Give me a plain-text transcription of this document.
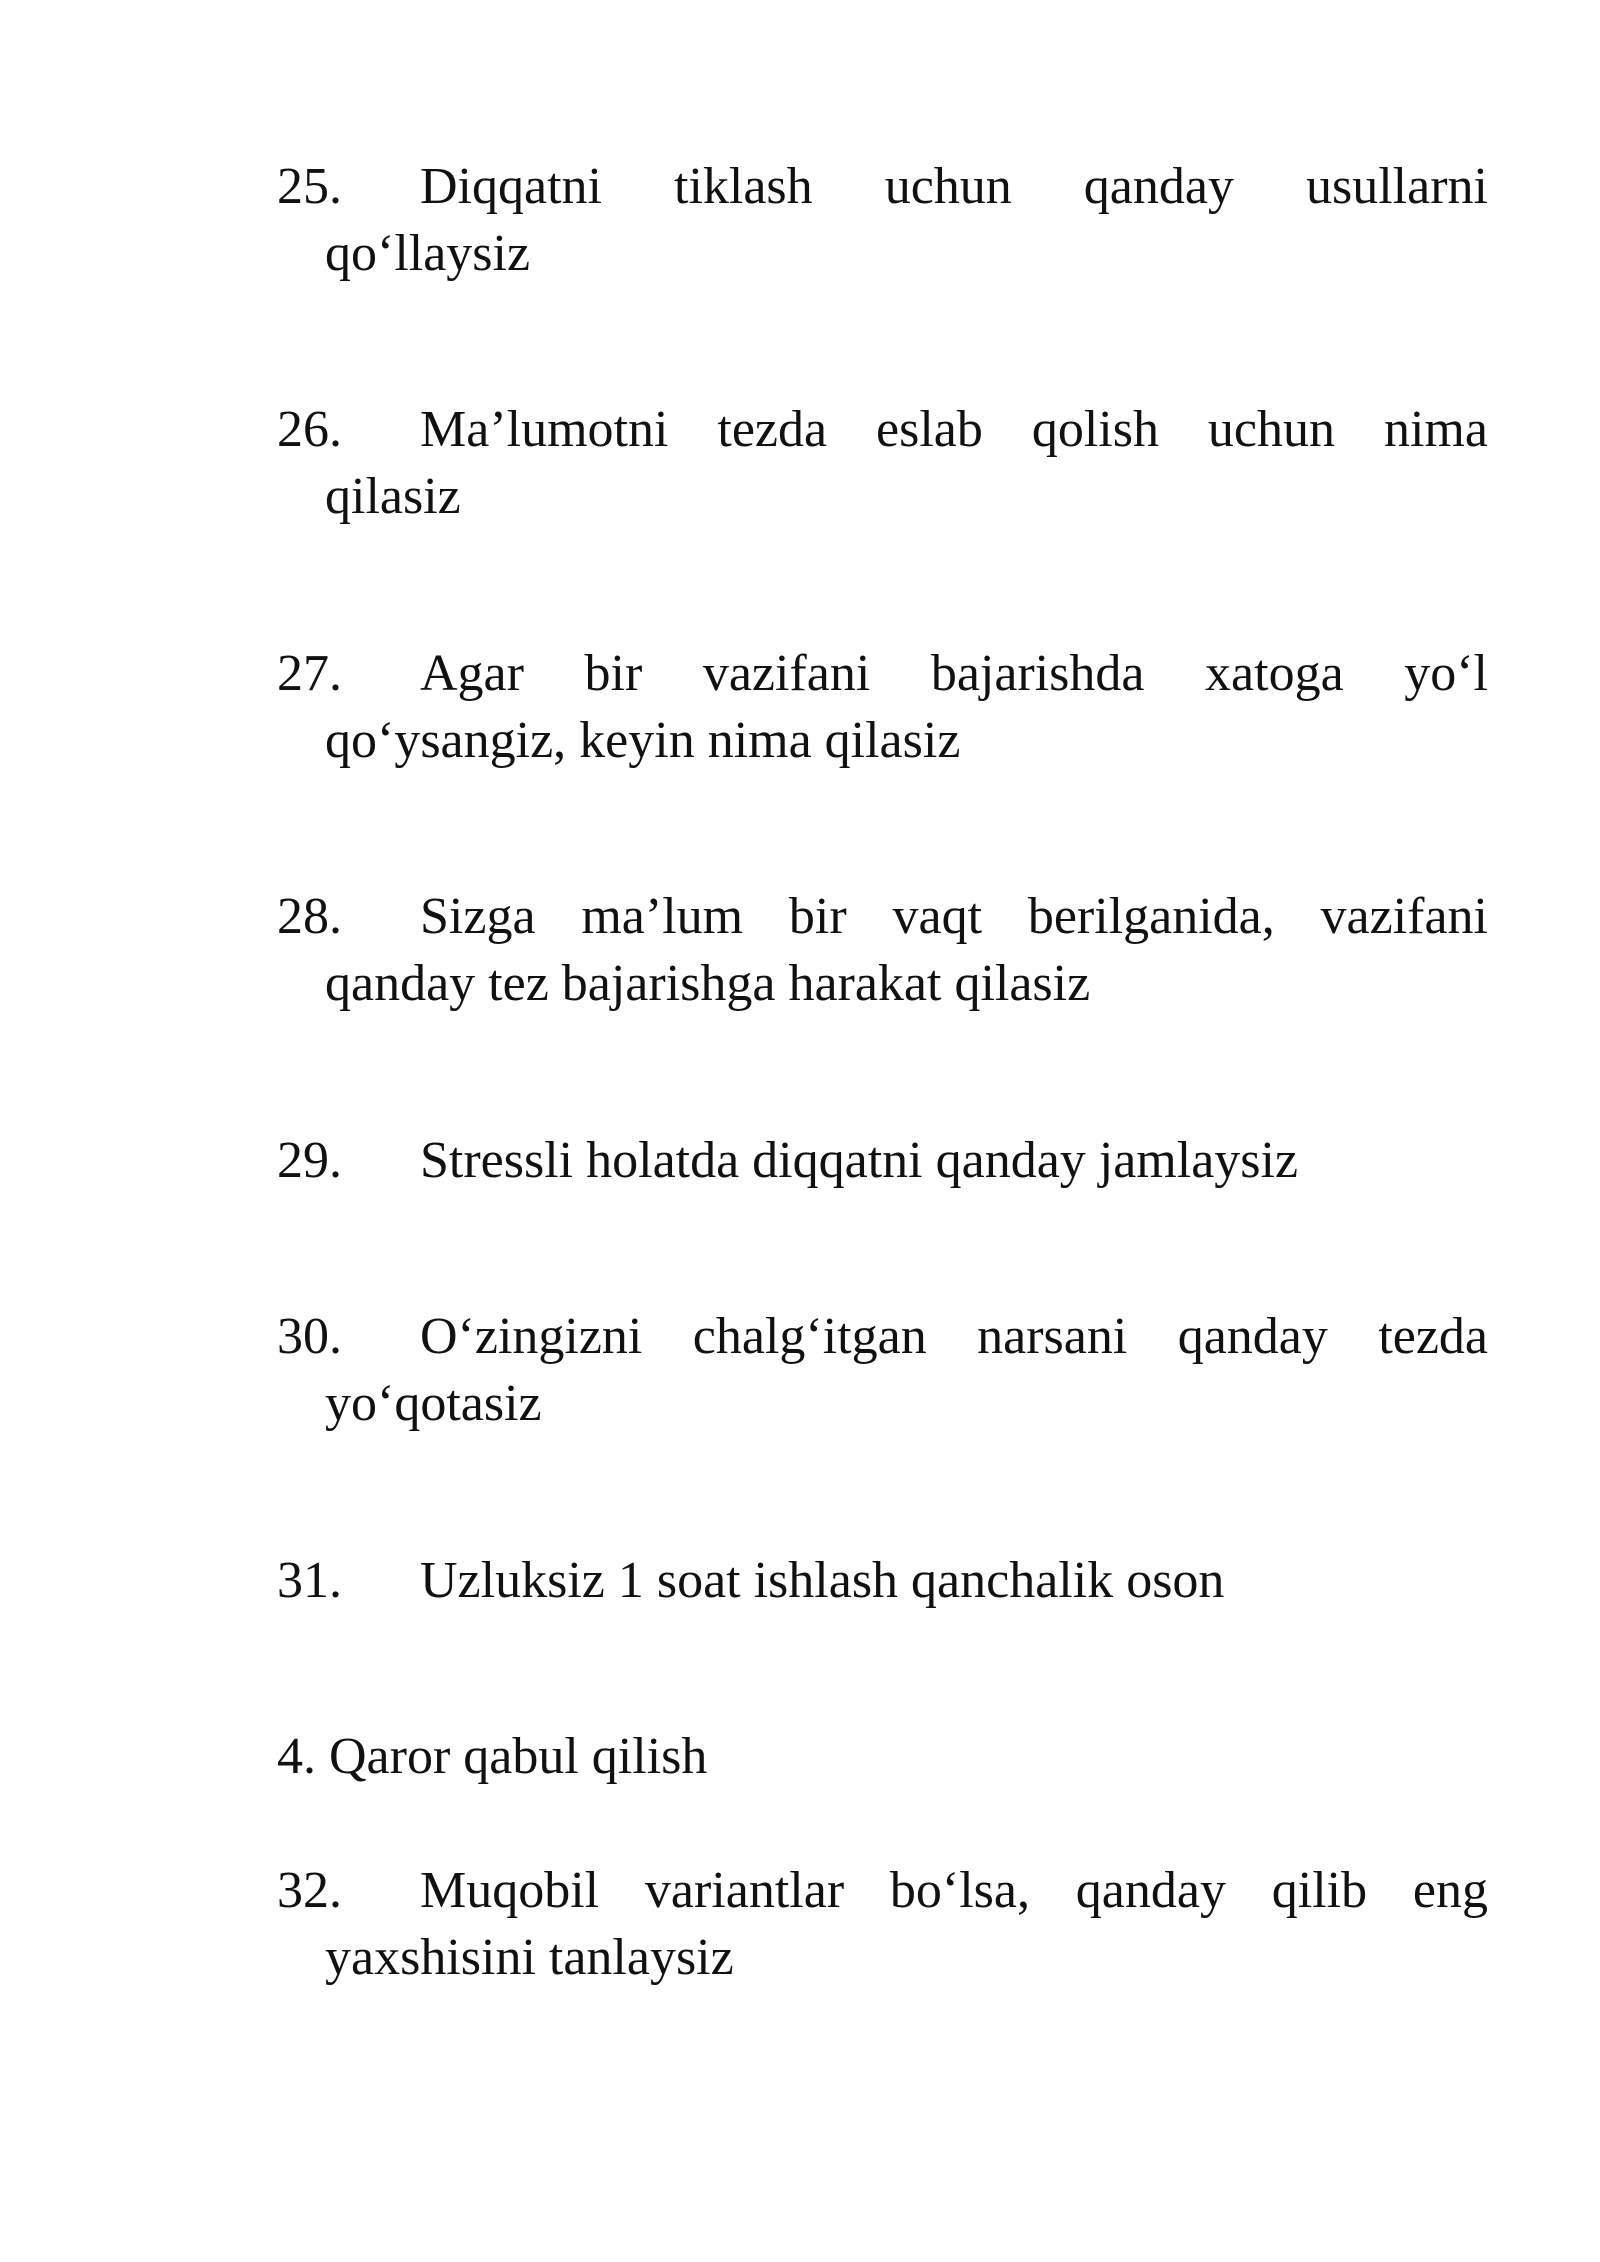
25.	Diqqatni tiklash uchun qanday usullarni
qo‘llaysiz
26.	Ma’lumotni tezda eslab qolish uchun nima
qilasiz
27.	Agar bir vazifani bajarishda xatoga yo‘l
qo‘ysangiz, keyin nima qilasiz
28.	Sizga ma’lum bir vaqt berilganida, vazifani
qanday tez bajarishga harakat qilasiz
29. Stressli holatda diqqatni qanday jamlaysiz
30.	O‘zingizni chalg‘itgan narsani qanday tezda
yo‘qotasiz
31. Uzluksiz 1 soat ishlash qanchalik oson
4. Qaror qabul qilish
32.	Muqobil variantlar bo‘lsa, qanday qilib eng
yaxshisini tanlaysiz
